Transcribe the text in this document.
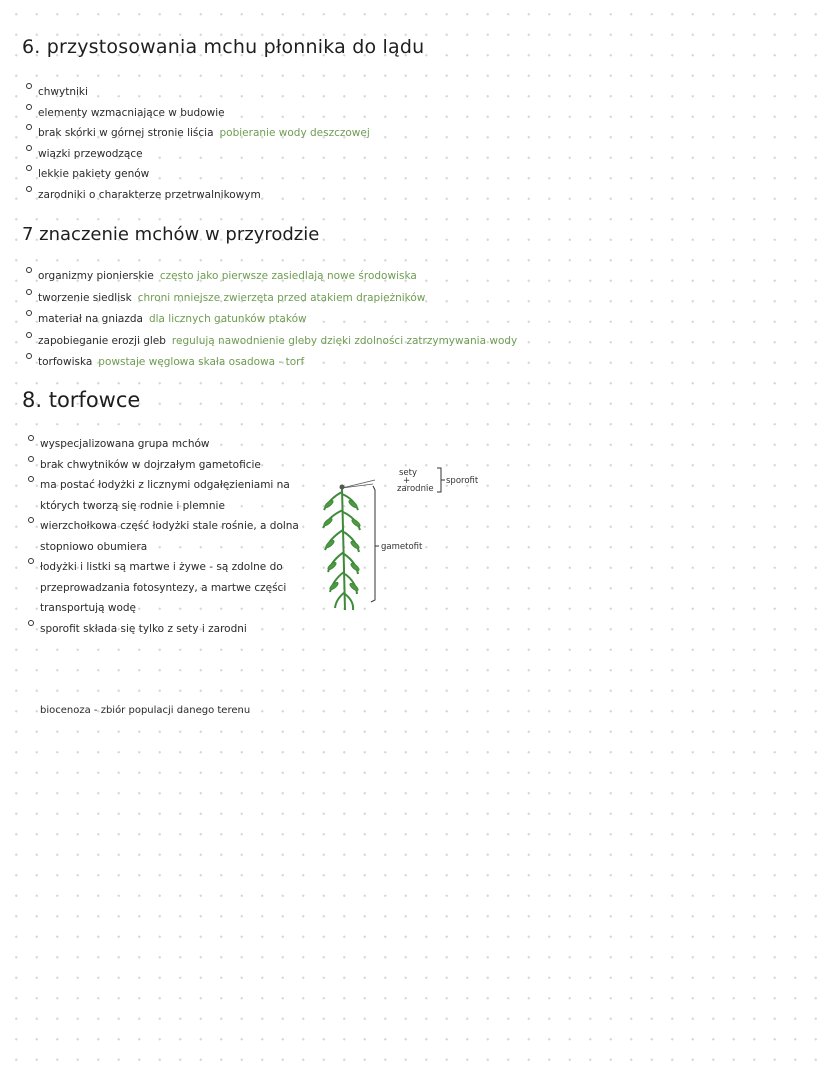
6. przystosowania mchu płonnika do lądu
chwytniki
elementy wzmacniające w budowie
brak skórki w górnej stronie liścia pobieranie wody deszczowej
wiązki przewodzące
lekkie pakiety genów
zarodniki o charakterze przetrwalnikowym
7 znaczenie mchów w przyrodzie
organizmy pionierskie często jako pierwsze zasiedlają nowe środowiska
tworzenie siedlisk chroni mniejsze zwierzęta przed atakiem drapieżników
materiał na gniazda dla licznych gatunków ptaków
zapobieganie erozji gleb regulują nawodnienie gleby dzięki zdolności zatrzymywania wody
torfowiska powstaje węglowa skała osadowa - torf
8. torfowce
wyspecjalizowana grupa mchów
brak chwytników w dojrzałym gametoficie
ma postać łodyżki z licznymi odgałęzieniami na których tworzą się rodnie i plemnie
wierzchołkowa część łodyżki stale rośnie, a dolna stopniowo obumiera
łodyżki i listki są martwe i żywe - są zdolne do przeprowadzania fotosyntezy, a martwe części transportują wodę
sporofit składa się tylko z sety i zarodni
gametofit
sety
+
zarodnie
sporofit
biocenoza - zbiór populacji danego terenu
